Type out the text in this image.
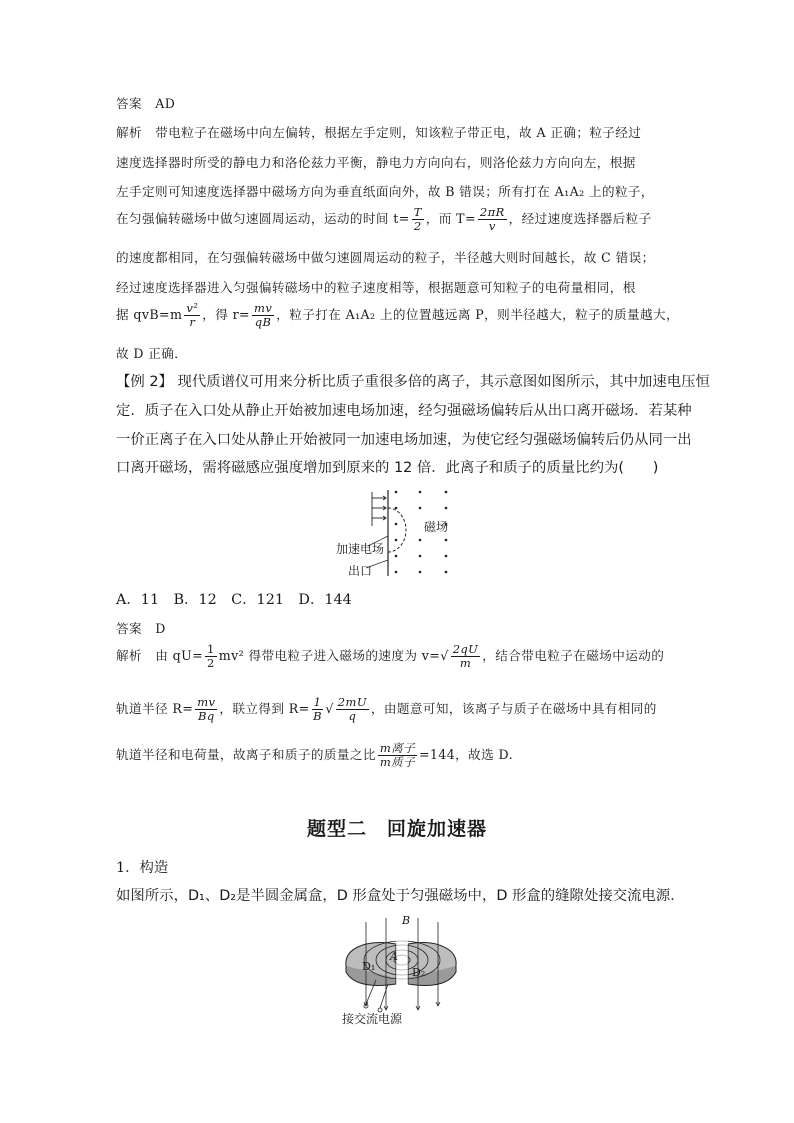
答案 AD
解析 带电粒子在磁场中向左偏转，根据左手定则，知该粒子带正电，故 A 正确；粒子经过
速度选择器时所受的静电力和洛伦兹力平衡，静电力方向向右，则洛伦兹力方向向左，根据
左手定则可知速度选择器中磁场方向为垂直纸面向外，故 B 错误；所有打在 A₁A₂ 上的粒子，
在匀强偏转磁场中做匀速圆周运动，运动的时间 $t= \frac{T}{2}$ ，而 $T= \frac{2\pi R}{v}$ ，经过速度选择器后粒子
的速度都相同，在匀强偏转磁场中做匀速圆周运动的粒子，半径越大则时间越长，故 C 错误；
经过速度选择器进入匀强偏转磁场中的粒子速度相等，根据题意可知粒子的电荷量相同，根
据 $qvB=m \frac{\text{v²}}{r}$ ，得 $r= \frac{mv}{qB}$ ，粒子打在 A₁A₂ 上的位置越远离 P，则半径越大，粒子的质量越大，
故 D 正确．
【例 2】 现代质谱仪可用来分析比质子重很多倍的离子，其示意图如图所示，其中加速电压恒
定．质子在入口处从静止开始被加速电场加速，经匀强磁场偏转后从出口离开磁场．若某种
一价正离子在入口处从静止开始被同一加速电场加速，为使它经匀强磁场偏转后仍从同一出
口离开磁场，需将磁感应强度增加到原来的 12 倍．此离子和质子的质量比约为(　　)
磁场
加速电场
出口
A．11　B．12　C．121　D．144
答案 D
解析 由 $qU= \frac{1}{2} mv^2$ 得带电粒子进入磁场的速度为 $v=√ \frac{2qU}{m}$ ，结合带电粒子在磁场中运动的
轨道半径 $R= \frac{mv}{Bq}$ ，联立得到 $R= \frac{1}{B}$ √ $\frac{2mU}{q}$ ，由题意可知，该离子与质子在磁场中具有相同的
轨道半径和电荷量，故离子和质子的质量之比 $\frac{\text{m离子}}{\text{m质子}} =144$，故选 D.
题型二　回旋加速器
1．构造
如图所示，D₁、D₂是半圆金属盒，D 形盒处于匀强磁场中，D 形盒的缝隙处接交流电源．
B
A
D₁	D₂
接交流电源
